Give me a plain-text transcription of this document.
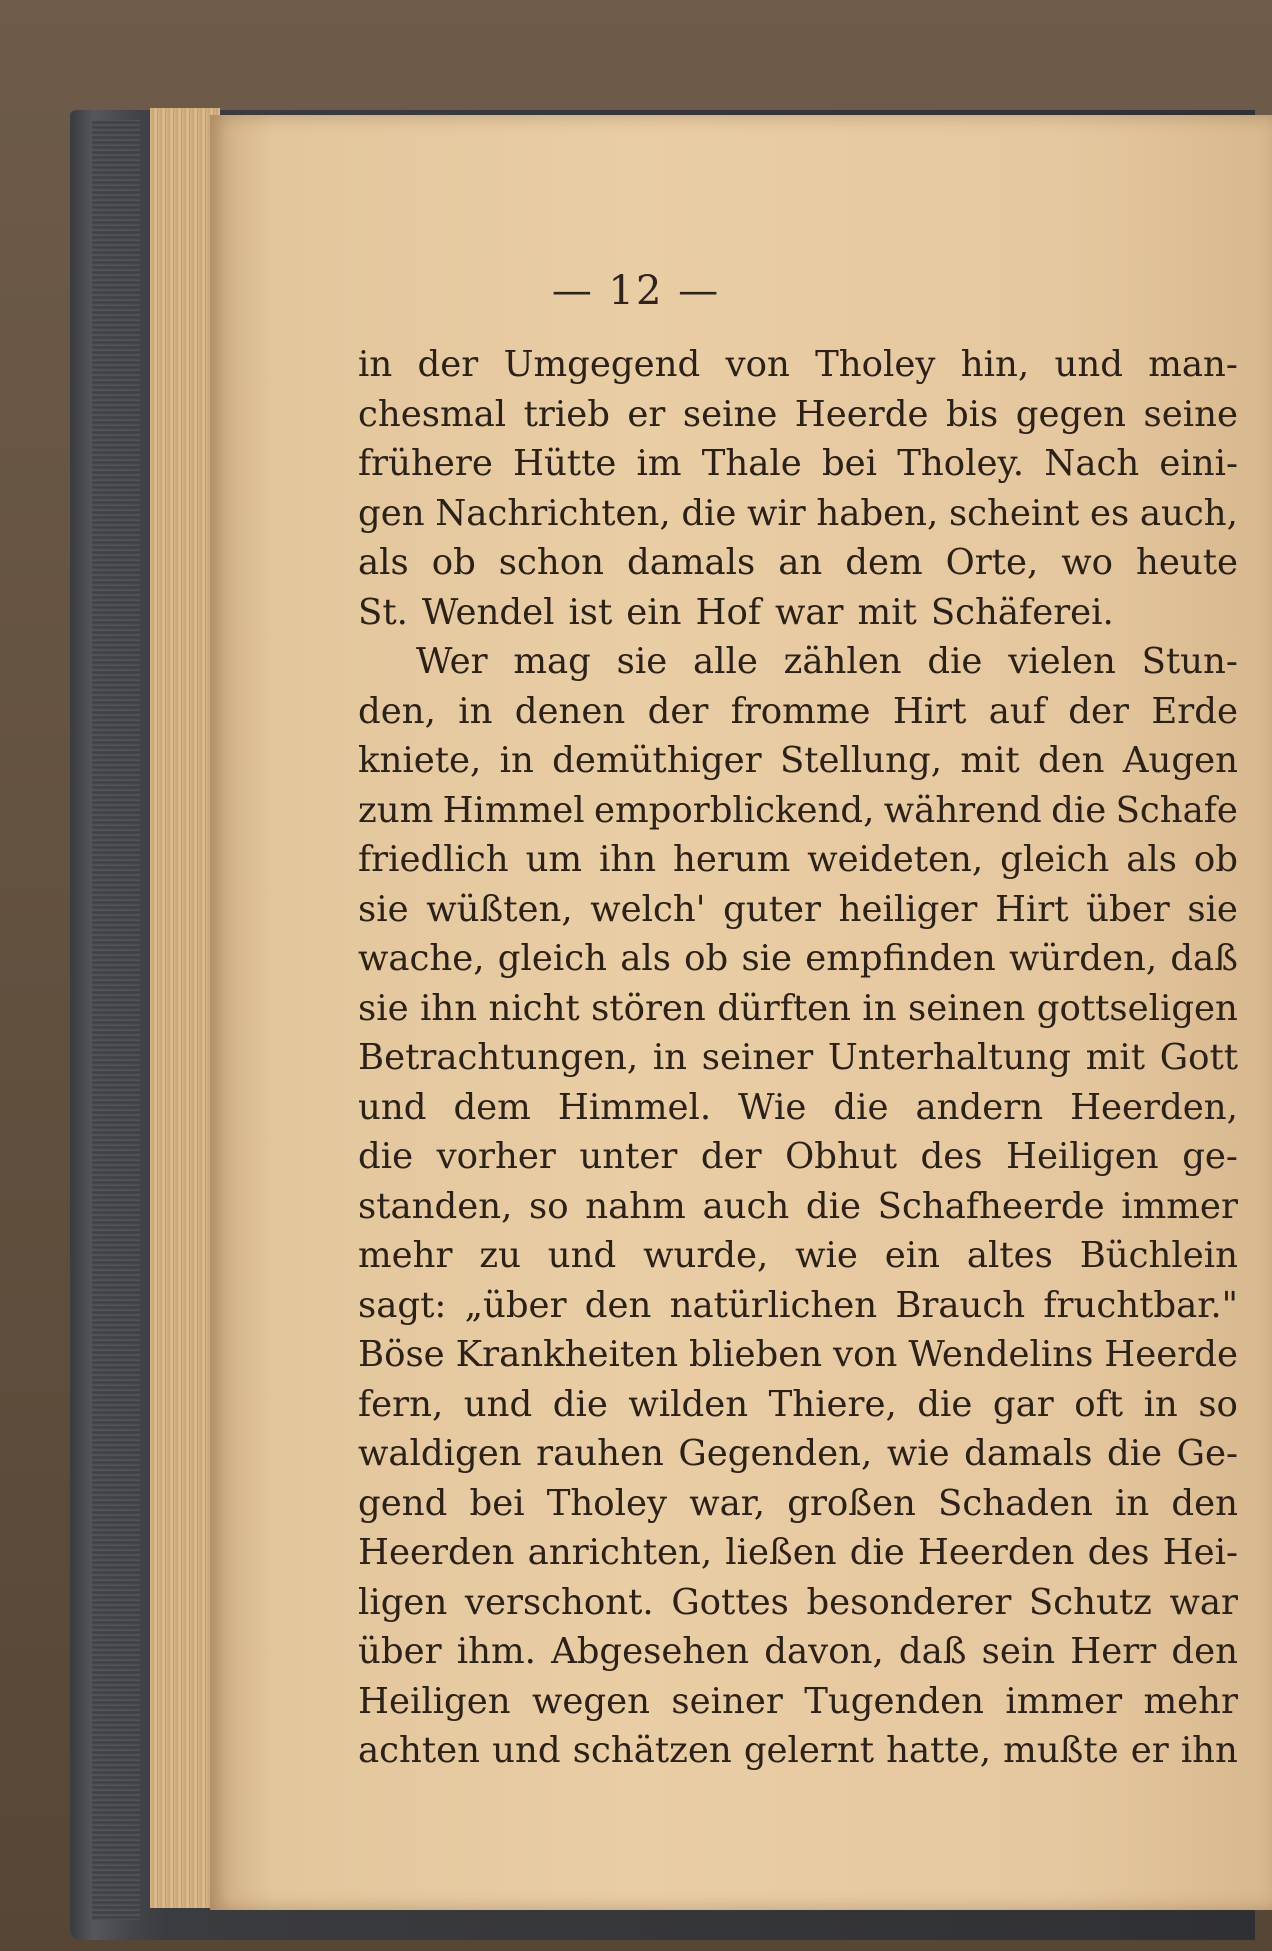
— 12 —
in der Umgegend von Tholey hin, und man-
chesmal trieb er seine Heerde bis gegen seine
frühere Hütte im Thale bei Tholey. Nach eini-
gen Nachrichten, die wir haben, scheint es auch,
als ob schon damals an dem Orte, wo heute
St. Wendel ist ein Hof war mit Schäferei.
Wer mag sie alle zählen die vielen Stun-
den, in denen der fromme Hirt auf der Erde
kniete, in demüthiger Stellung, mit den Augen
zum Himmel emporblickend, während die Schafe
friedlich um ihn herum weideten, gleich als ob
sie wüßten, welch' guter heiliger Hirt über sie
wache, gleich als ob sie empfinden würden, daß
sie ihn nicht stören dürften in seinen gottseligen
Betrachtungen, in seiner Unterhaltung mit Gott
und dem Himmel. Wie die andern Heerden,
die vorher unter der Obhut des Heiligen ge-
standen, so nahm auch die Schafheerde immer
mehr zu und wurde, wie ein altes Büchlein
sagt: „über den natürlichen Brauch fruchtbar."
Böse Krankheiten blieben von Wendelins Heerde
fern, und die wilden Thiere, die gar oft in so
waldigen rauhen Gegenden, wie damals die Ge-
gend bei Tholey war, großen Schaden in den
Heerden anrichten, ließen die Heerden des Hei-
ligen verschont. Gottes besonderer Schutz war
über ihm. Abgesehen davon, daß sein Herr den
Heiligen wegen seiner Tugenden immer mehr
achten und schätzen gelernt hatte, mußte er ihn
